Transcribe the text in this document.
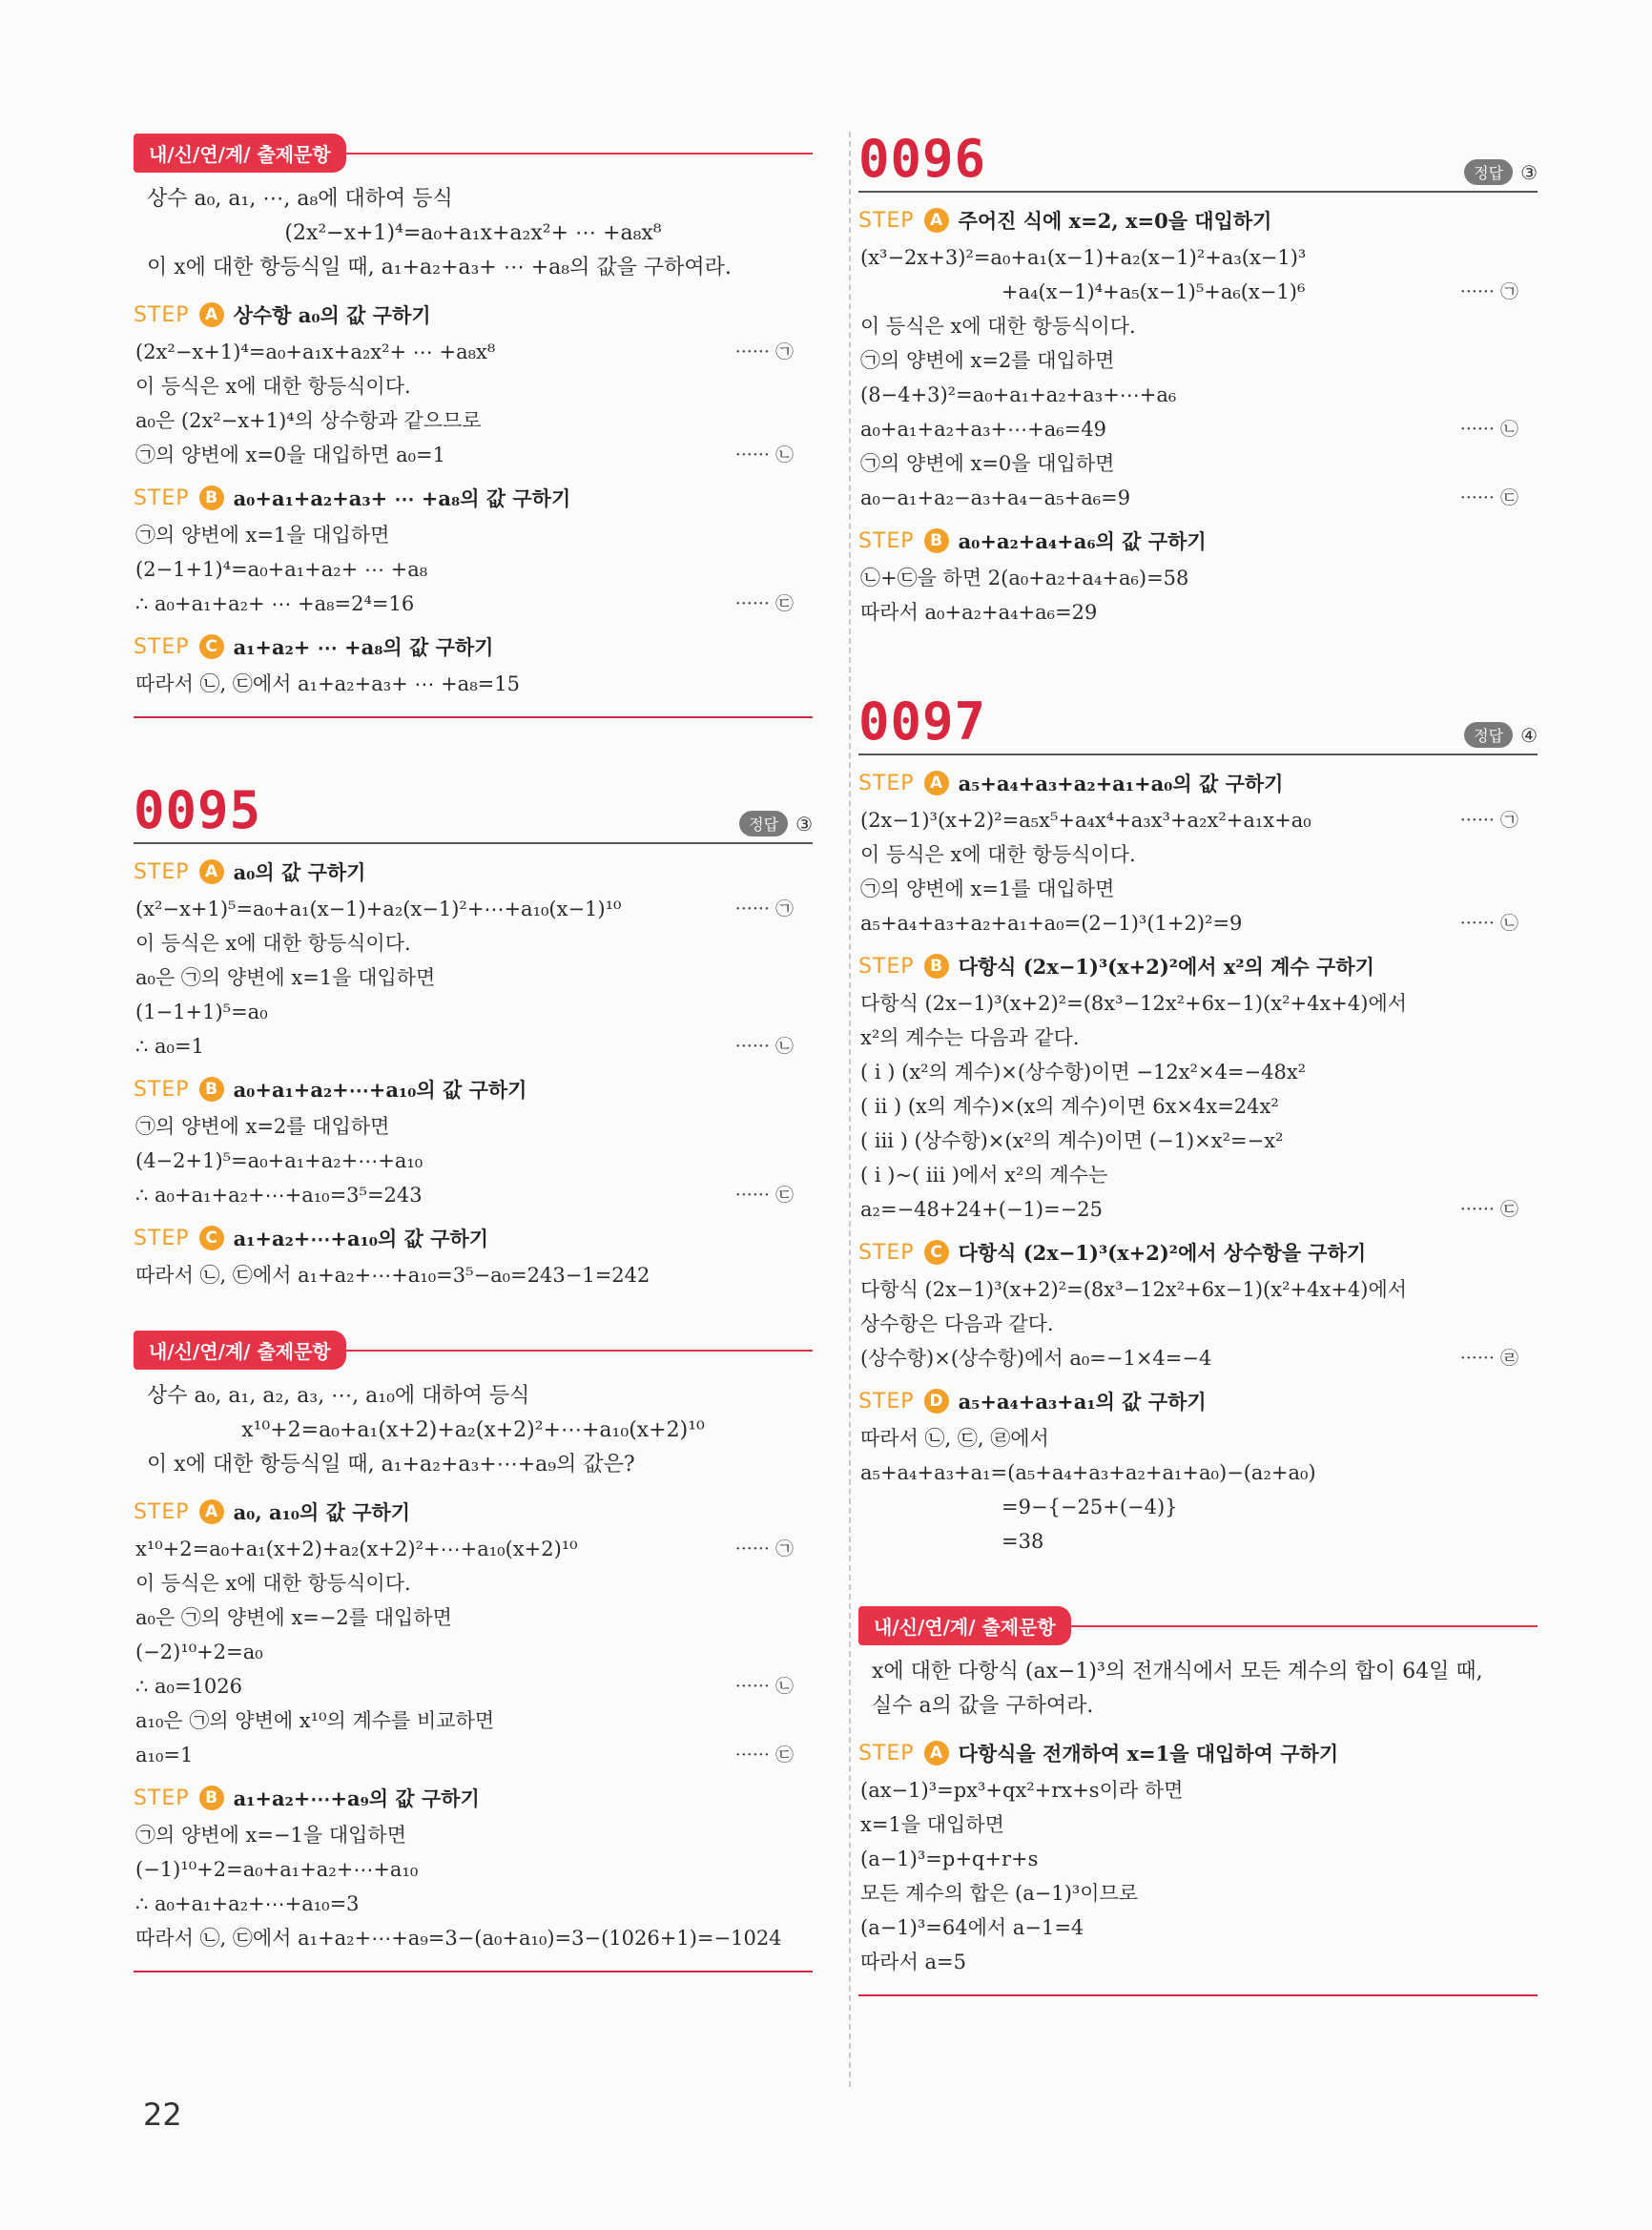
내/신/연/계/ 출제문항
상수 a₀, a₁, ⋯, a₈에 대하여 등식
(2x²−x+1)⁴=a₀+a₁x+a₂x²+ ⋯ +a₈x⁸
이 x에 대한 항등식일 때, a₁+a₂+a₃+ ⋯ +a₈의 값을 구하여라.
STEP A 상수항 a₀의 값 구하기
(2x²−x+1)⁴=a₀+a₁x+a₂x²+ ⋯ +a₈x⁸	······ ㉠
이 등식은 x에 대한 항등식이다.
a₀은 (2x²−x+1)⁴의 상수항과 같으므로
㉠의 양변에 x=0을 대입하면 a₀=1	······ ㉡
STEP B a₀+a₁+a₂+a₃+ ⋯ +a₈의 값 구하기
㉠의 양변에 x=1을 대입하면
(2−1+1)⁴=a₀+a₁+a₂+ ⋯ +a₈
∴ a₀+a₁+a₂+ ⋯ +a₈=2⁴=16	······ ㉢
STEP C a₁+a₂+ ⋯ +a₈의 값 구하기
따라서 ㉡, ㉢에서 a₁+a₂+a₃+ ⋯ +a₈=15
0095	정답 ③
STEP A a₀의 값 구하기
(x²−x+1)⁵=a₀+a₁(x−1)+a₂(x−1)²+⋯+a₁₀(x−1)¹⁰	······ ㉠
이 등식은 x에 대한 항등식이다.
a₀은 ㉠의 양변에 x=1을 대입하면
(1−1+1)⁵=a₀
∴ a₀=1	······ ㉡
STEP B a₀+a₁+a₂+⋯+a₁₀의 값 구하기
㉠의 양변에 x=2를 대입하면
(4−2+1)⁵=a₀+a₁+a₂+⋯+a₁₀
∴ a₀+a₁+a₂+⋯+a₁₀=3⁵=243	······ ㉢
STEP C a₁+a₂+⋯+a₁₀의 값 구하기
따라서 ㉡, ㉢에서 a₁+a₂+⋯+a₁₀=3⁵−a₀=243−1=242
내/신/연/계/ 출제문항
상수 a₀, a₁, a₂, a₃, ⋯, a₁₀에 대하여 등식
x¹⁰+2=a₀+a₁(x+2)+a₂(x+2)²+⋯+a₁₀(x+2)¹⁰
이 x에 대한 항등식일 때, a₁+a₂+a₃+⋯+a₉의 값은?
STEP A a₀, a₁₀의 값 구하기
x¹⁰+2=a₀+a₁(x+2)+a₂(x+2)²+⋯+a₁₀(x+2)¹⁰	······ ㉠
이 등식은 x에 대한 항등식이다.
a₀은 ㉠의 양변에 x=−2를 대입하면
(−2)¹⁰+2=a₀
∴ a₀=1026	······ ㉡
a₁₀은 ㉠의 양변에 x¹⁰의 계수를 비교하면
a₁₀=1	······ ㉢
STEP B a₁+a₂+⋯+a₉의 값 구하기
㉠의 양변에 x=−1을 대입하면
(−1)¹⁰+2=a₀+a₁+a₂+⋯+a₁₀
∴ a₀+a₁+a₂+⋯+a₁₀=3
따라서 ㉡, ㉢에서 a₁+a₂+⋯+a₉=3−(a₀+a₁₀)=3−(1026+1)=−1024
0096	정답 ③
STEP A 주어진 식에 x=2, x=0을 대입하기
(x³−2x+3)²=a₀+a₁(x−1)+a₂(x−1)²+a₃(x−1)³
+a₄(x−1)⁴+a₅(x−1)⁵+a₆(x−1)⁶	······ ㉠
이 등식은 x에 대한 항등식이다.
㉠의 양변에 x=2를 대입하면
(8−4+3)²=a₀+a₁+a₂+a₃+⋯+a₆
a₀+a₁+a₂+a₃+⋯+a₆=49	······ ㉡
㉠의 양변에 x=0을 대입하면
a₀−a₁+a₂−a₃+a₄−a₅+a₆=9	······ ㉢
STEP B a₀+a₂+a₄+a₆의 값 구하기
㉡+㉢을 하면 2(a₀+a₂+a₄+a₆)=58
따라서 a₀+a₂+a₄+a₆=29
0097	정답 ④
STEP A a₅+a₄+a₃+a₂+a₁+a₀의 값 구하기
(2x−1)³(x+2)²=a₅x⁵+a₄x⁴+a₃x³+a₂x²+a₁x+a₀	······ ㉠
이 등식은 x에 대한 항등식이다.
㉠의 양변에 x=1를 대입하면
a₅+a₄+a₃+a₂+a₁+a₀=(2−1)³(1+2)²=9	······ ㉡
STEP B 다항식 (2x−1)³(x+2)²에서 x²의 계수 구하기
다항식 (2x−1)³(x+2)²=(8x³−12x²+6x−1)(x²+4x+4)에서
x²의 계수는 다음과 같다.
( i ) (x²의 계수)×(상수항)이면 −12x²×4=−48x²
( ii ) (x의 계수)×(x의 계수)이면 6x×4x=24x²
( iii ) (상수항)×(x²의 계수)이면 (−1)×x²=−x²
( i )~( iii )에서 x²의 계수는
a₂=−48+24+(−1)=−25	······ ㉢
STEP C 다항식 (2x−1)³(x+2)²에서 상수항을 구하기
다항식 (2x−1)³(x+2)²=(8x³−12x²+6x−1)(x²+4x+4)에서
상수항은 다음과 같다.
(상수항)×(상수항)에서 a₀=−1×4=−4	······ ㉣
STEP D a₅+a₄+a₃+a₁의 값 구하기
따라서 ㉡, ㉢, ㉣에서
a₅+a₄+a₃+a₁=(a₅+a₄+a₃+a₂+a₁+a₀)−(a₂+a₀)
=9−{−25+(−4)}
=38
내/신/연/계/ 출제문항
x에 대한 다항식 (ax−1)³의 전개식에서 모든 계수의 합이 64일 때,
실수 a의 값을 구하여라.
STEP A 다항식을 전개하여 x=1을 대입하여 구하기
(ax−1)³=px³+qx²+rx+s이라 하면
x=1을 대입하면
(a−1)³=p+q+r+s
모든 계수의 합은 (a−1)³이므로
(a−1)³=64에서 a−1=4
따라서 a=5
22
